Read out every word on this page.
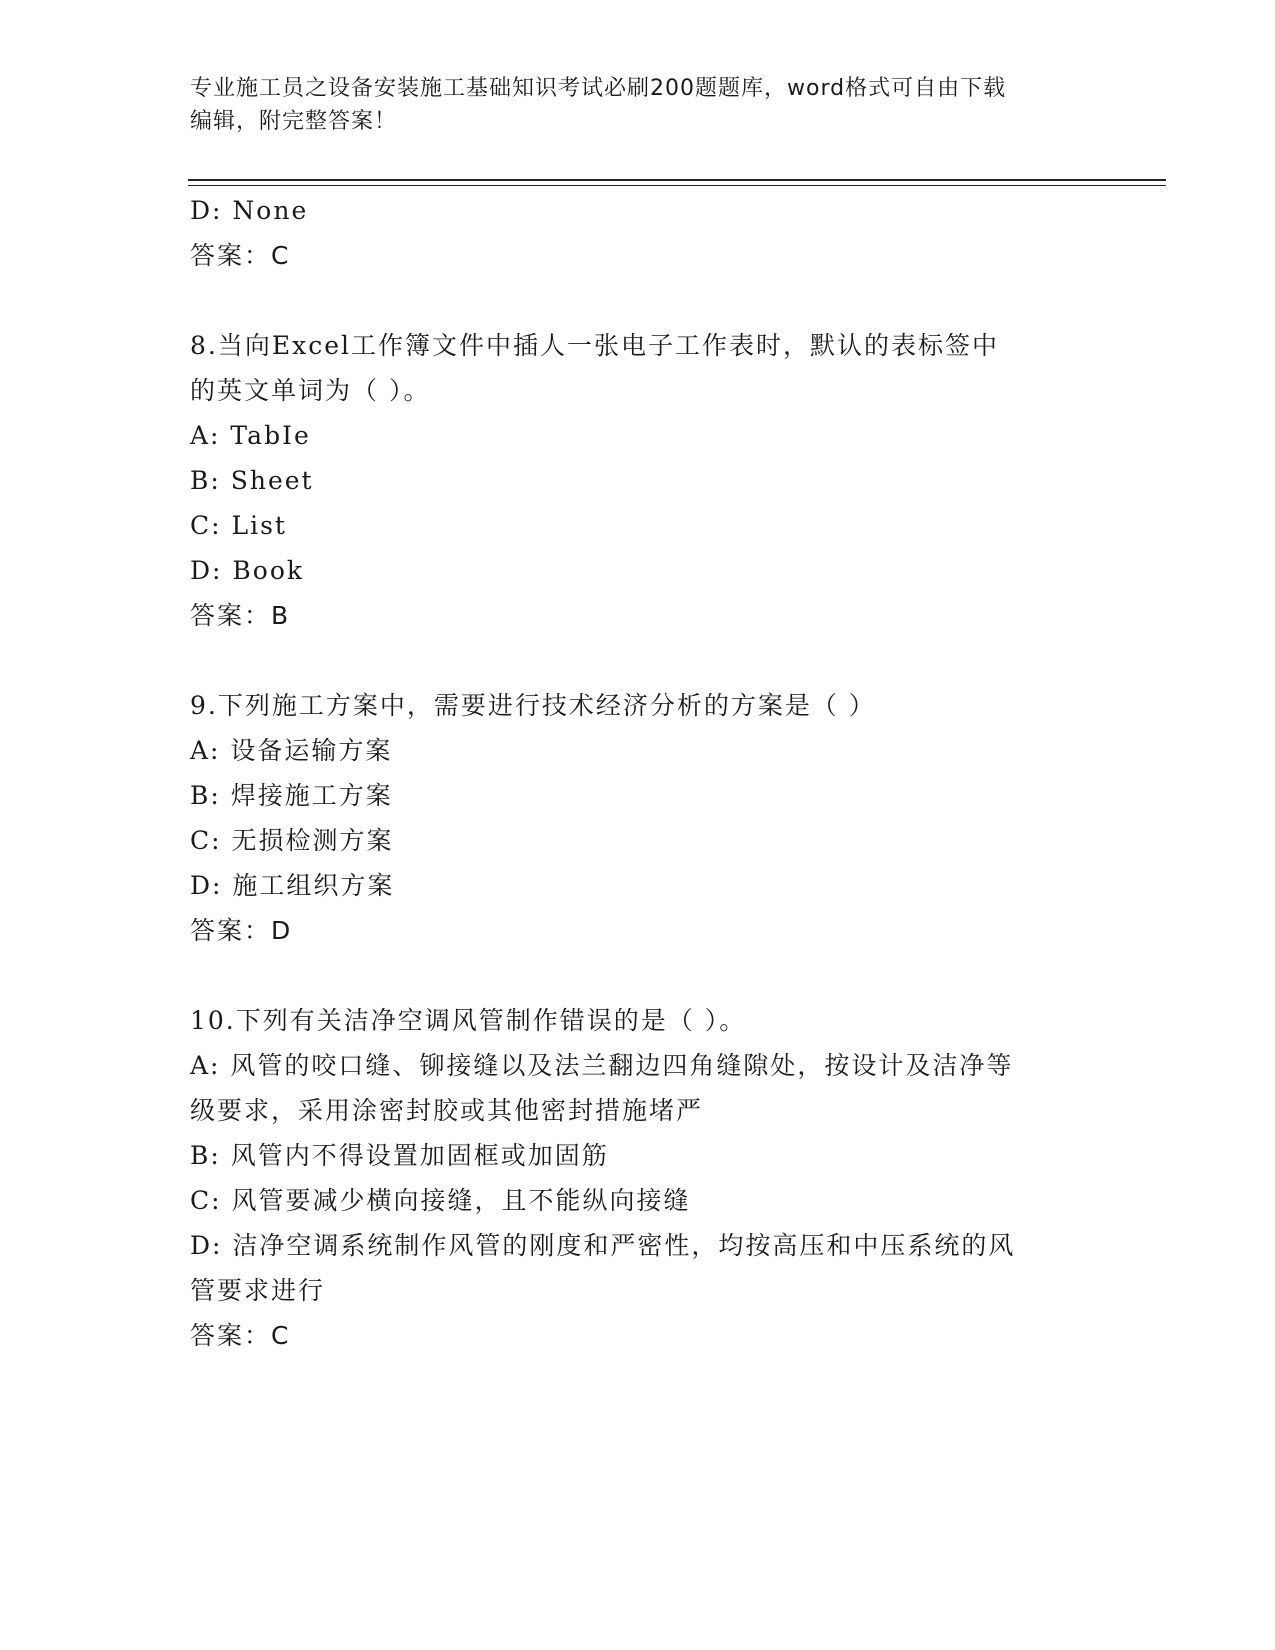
专业施工员之设备安装施工基础知识考试必刷200题题库，word格式可自由下载
编辑，附完整答案！
D: None
答案：C
8.当向Excel工作簿文件中插人一张电子工作表时，默认的表标签中
的英文单词为（ ）。
A: TabIe
B: Sheet
C: List
D: Book
答案：B
9.下列施工方案中，需要进行技术经济分析的方案是（ ）
A: 设备运输方案
B: 焊接施工方案
C: 无损检测方案
D: 施工组织方案
答案：D
10.下列有关洁净空调风管制作错误的是（ ）。
A: 风管的咬口缝、铆接缝以及法兰翻边四角缝隙处，按设计及洁净等
级要求，采用涂密封胶或其他密封措施堵严
B: 风管内不得设置加固框或加固筋
C: 风管要减少横向接缝，且不能纵向接缝
D: 洁净空调系统制作风管的刚度和严密性，均按高压和中压系统的风
管要求进行
答案：C
